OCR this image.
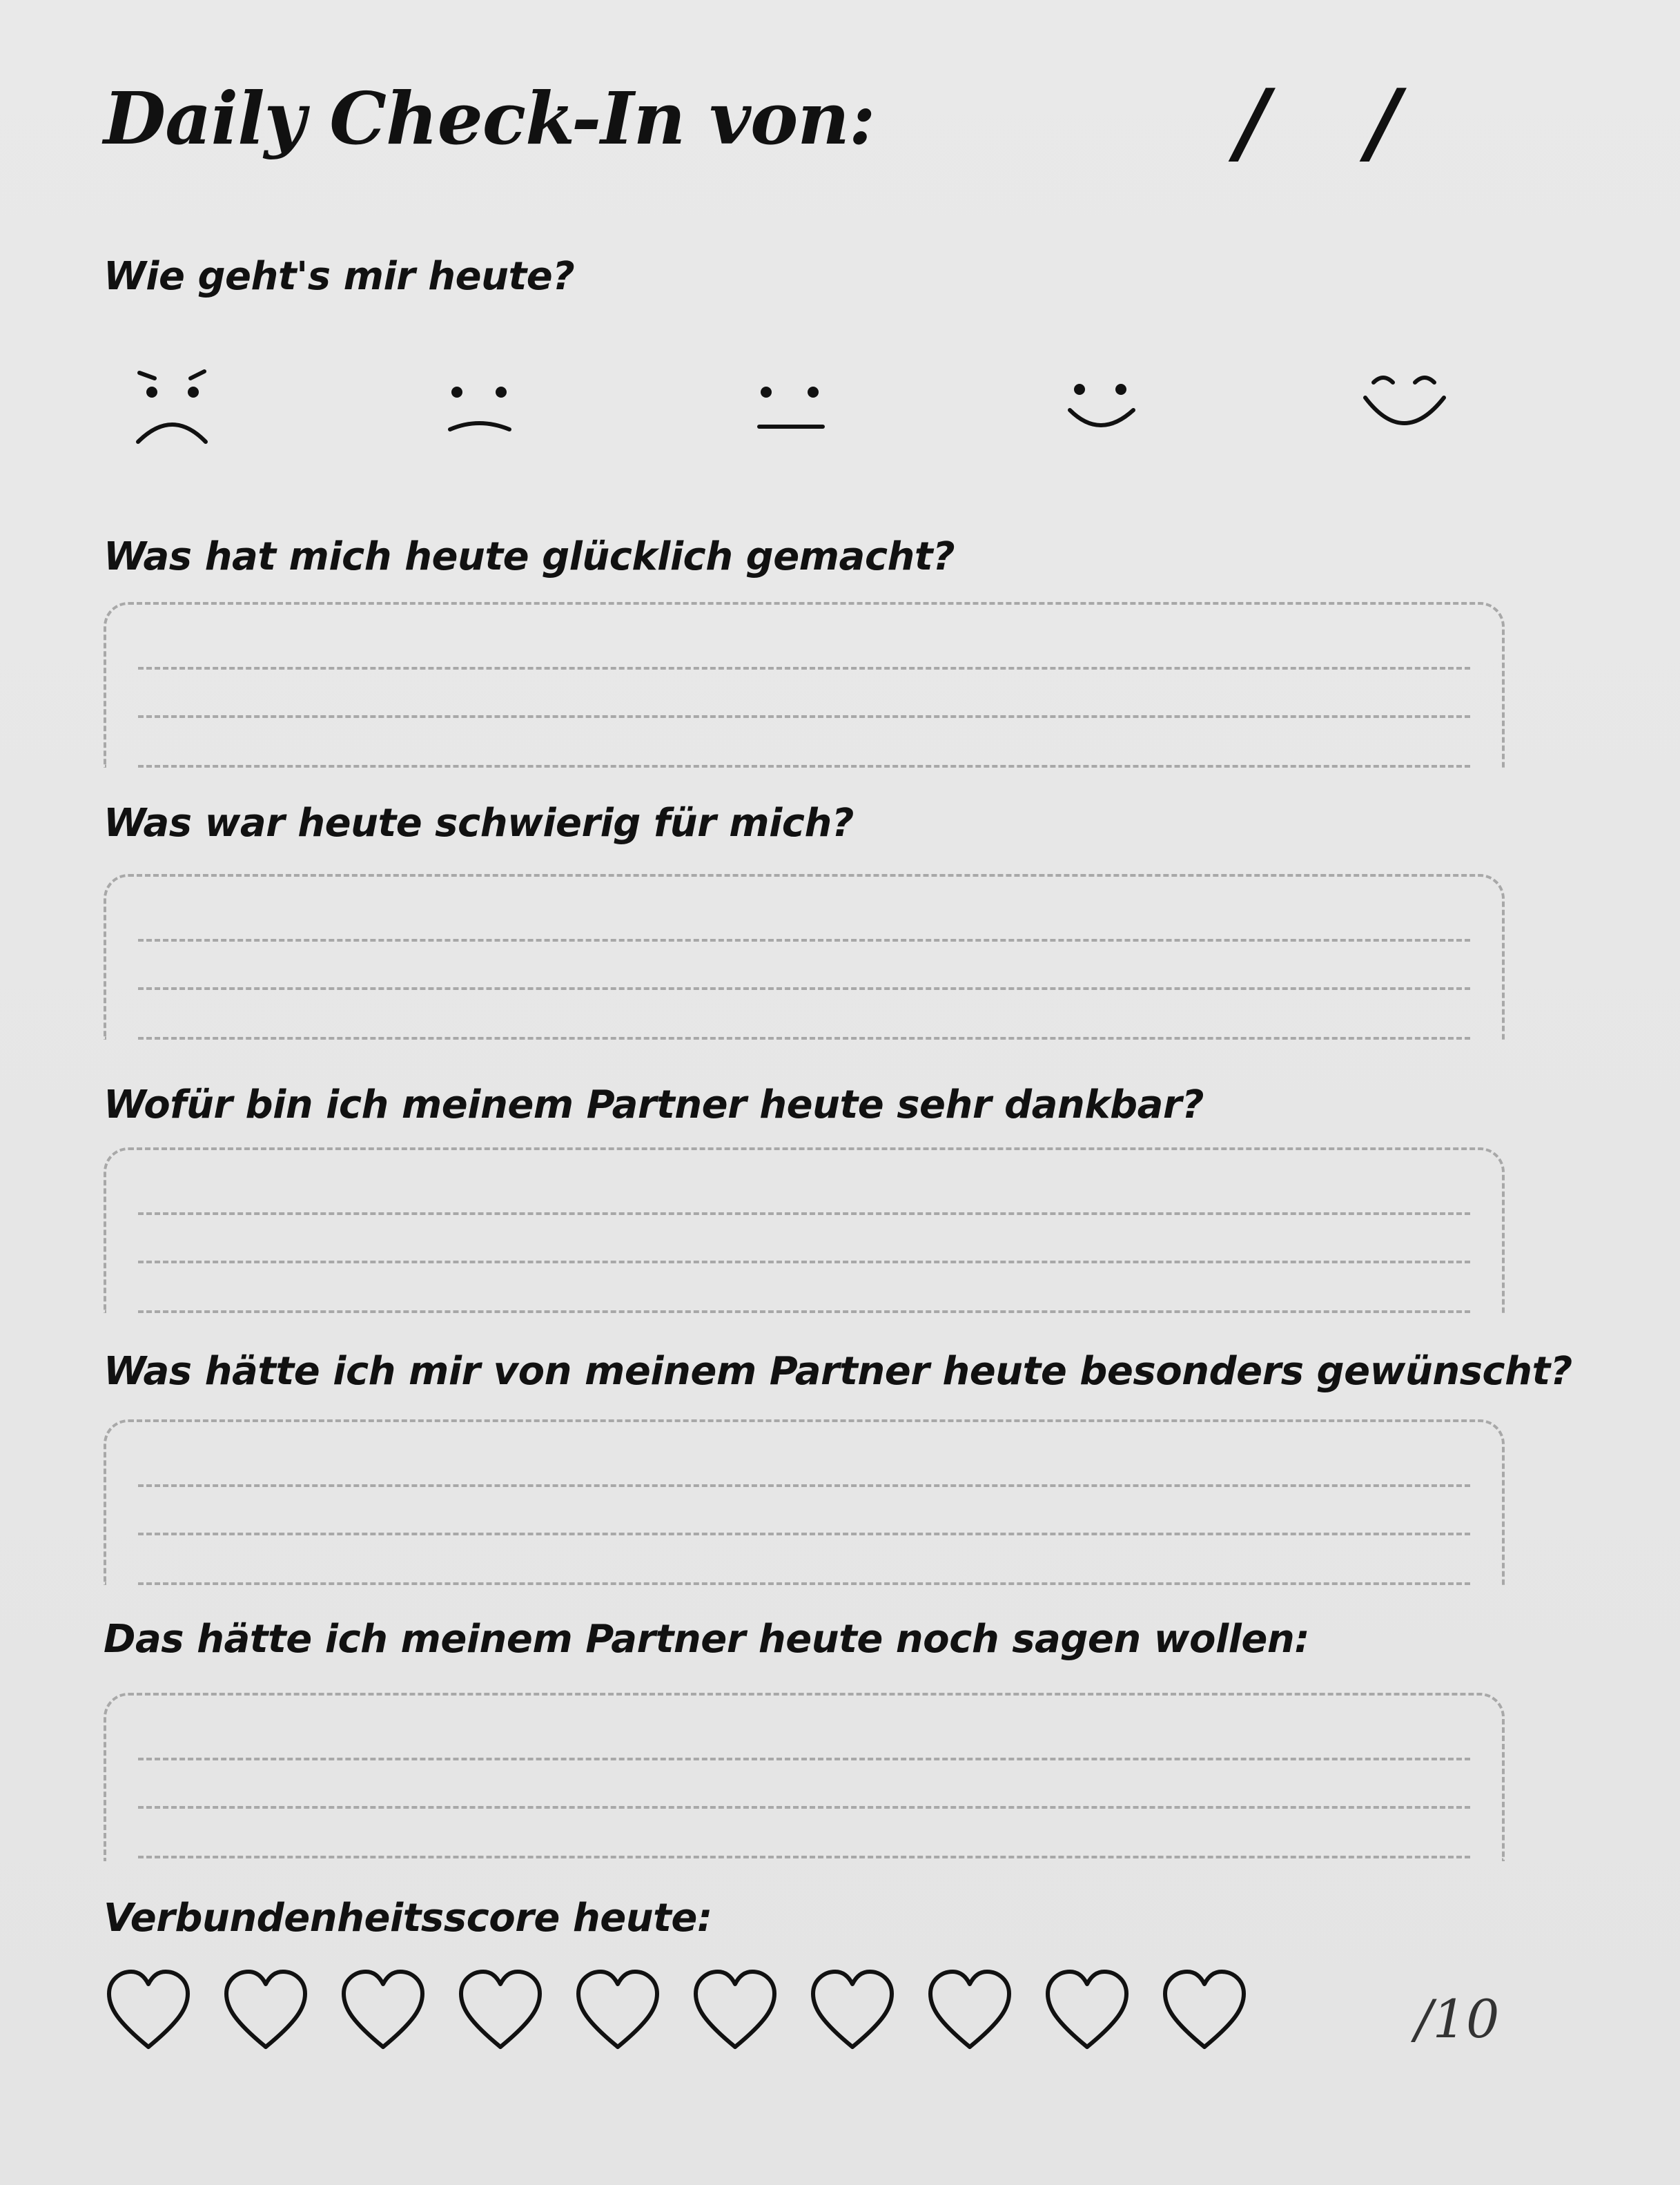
Daily Check-In von:	/ /
Wie geht's mir heute?
Was hat mich heute glücklich gemacht?
Was war heute schwierig für mich?
Wofür bin ich meinem Partner heute sehr dankbar?
Was hätte ich mir von meinem Partner heute besonders gewünscht?
Das hätte ich meinem Partner heute noch sagen wollen:
Verbundenheitsscore heute:
/10
